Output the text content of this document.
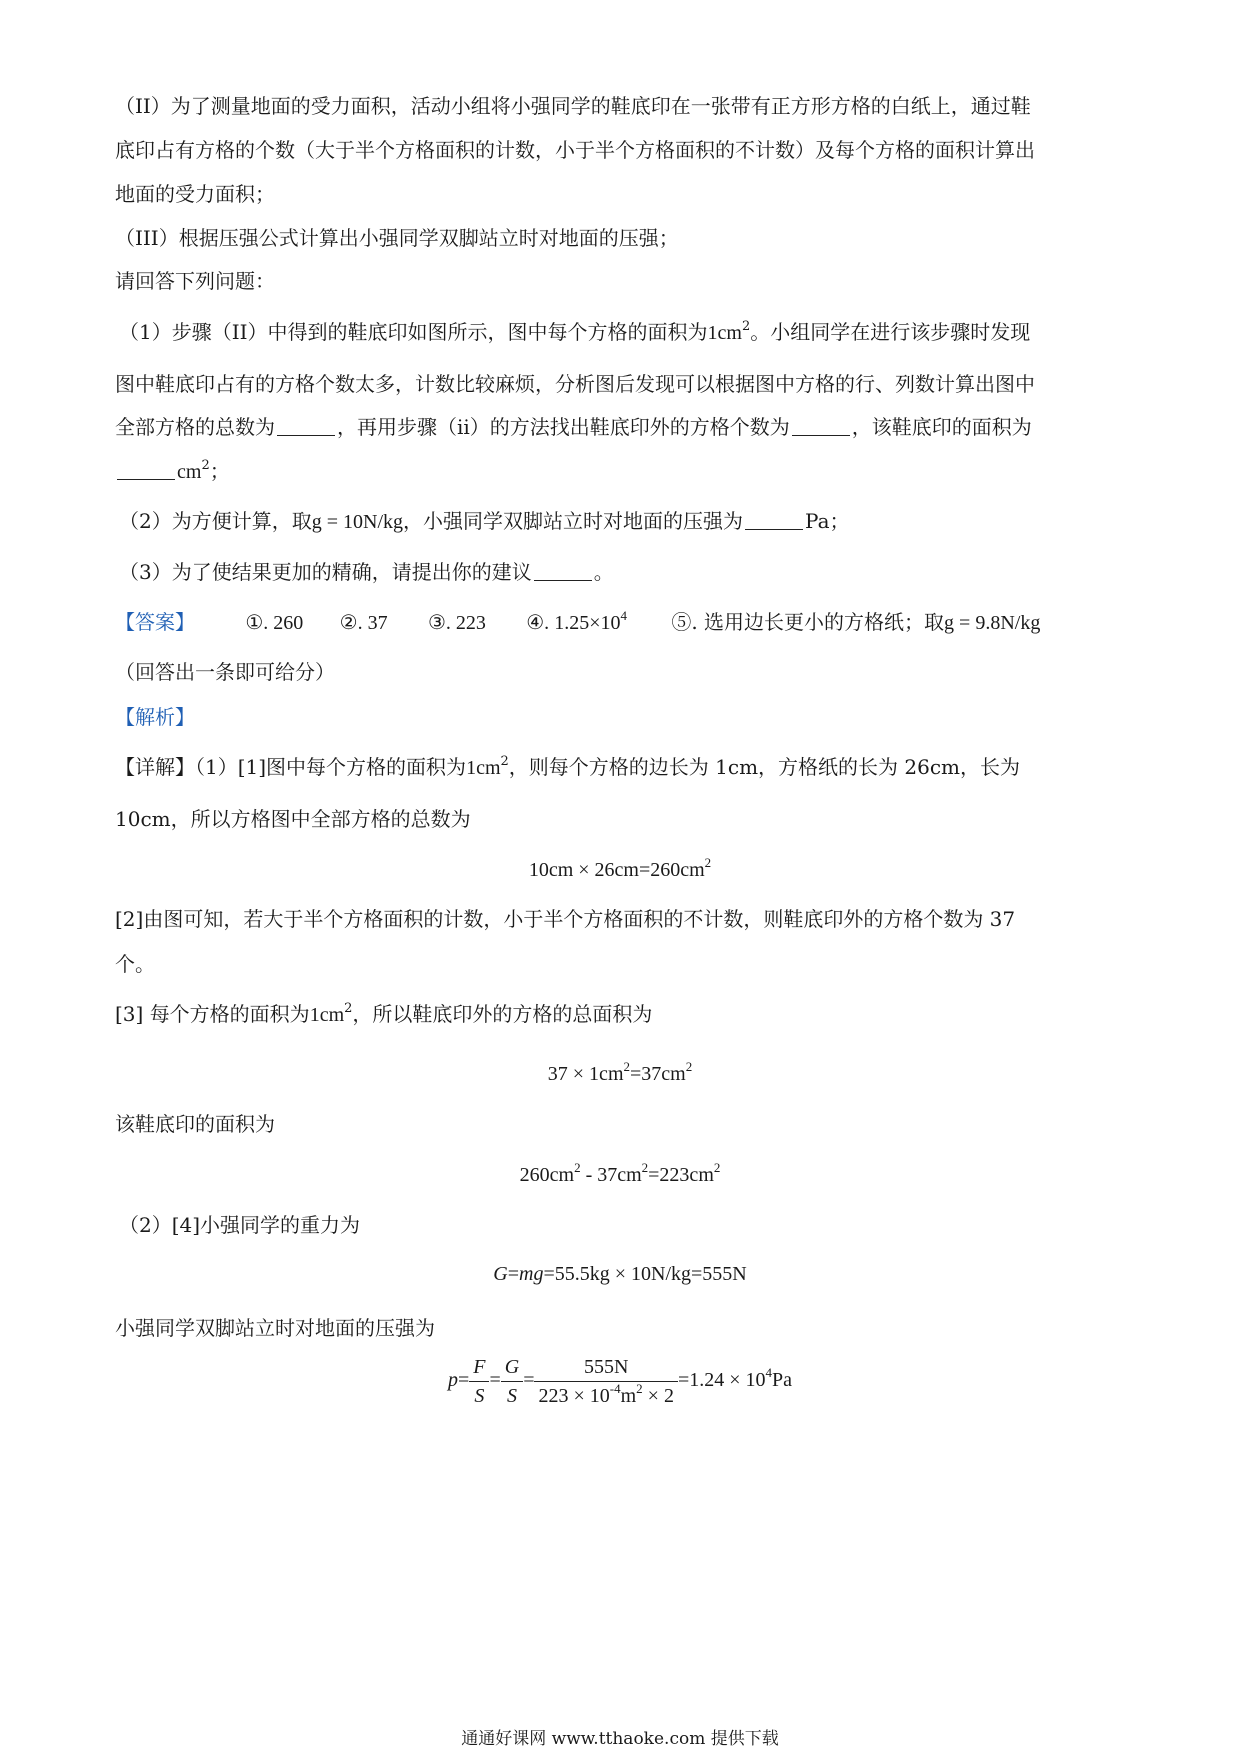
（II）为了测量地面的受力面积，活动小组将小强同学的鞋底印在一张带有正方形方格的白纸上，通过鞋
底印占有方格的个数（大于半个方格面积的计数，小于半个方格面积的不计数）及每个方格的面积计算出
地面的受力面积；
（III）根据压强公式计算出小强同学双脚站立时对地面的压强；
请回答下列问题：
（1）步骤（II）中得到的鞋底印如图所示，图中每个方格的面积为$1cm^2$。小组同学在进行该步骤时发现
图中鞋底印占有的方格个数太多，计数比较麻烦，分析图后发现可以根据图中方格的行、列数计算出图中
全部方格的总数为	，再用步骤（ⅱ）的方法找出鞋底印外的方格个数为	，该鞋底印的面积为
$cm^2$；
（2）为方便计算，取g = 10N/kg，小强同学双脚站立时对地面的压强为	Pa；
（3）为了使结果更加的精确，请提出你的建议	。
【答案】	①. 260 ②. 37 ③. 223 ④. $1.25\times 10^4$ ⑤. 选用边长更小的方格纸；取g = 9.8N/kg
（回答出一条即可给分）
【解析】
【详解】（1）[1]图中每个方格的面积为$1cm^2$，则每个方格的边长为 1cm，方格纸的长为 26cm，长为
10cm，所以方格图中全部方格的总数为
$10cm \times 26cm=260cm^2$
[2]由图可知，若大于半个方格面积的计数，小于半个方格面积的不计数，则鞋底印外的方格个数为 37
个。
[3] 每个方格的面积为$1cm^2$，所以鞋底印外的方格的总面积为
$37 \times 1cm^2=37cm^2$
该鞋底印的面积为
$260cm^2 - 37cm^2=223cm^2$
（2）[4]小强同学的重力为
G=mg=55.5kg × 10N/kg=555N
小强同学双脚站立时对地面的压强为
$p= \frac{F}{S} = \frac{G}{S} = \frac{555N}{223 \times 10^{-4}m^2 \times 2} =1.24 \times 10^4Pa$
通通好课网 www.tthaoke.com 提供下载
